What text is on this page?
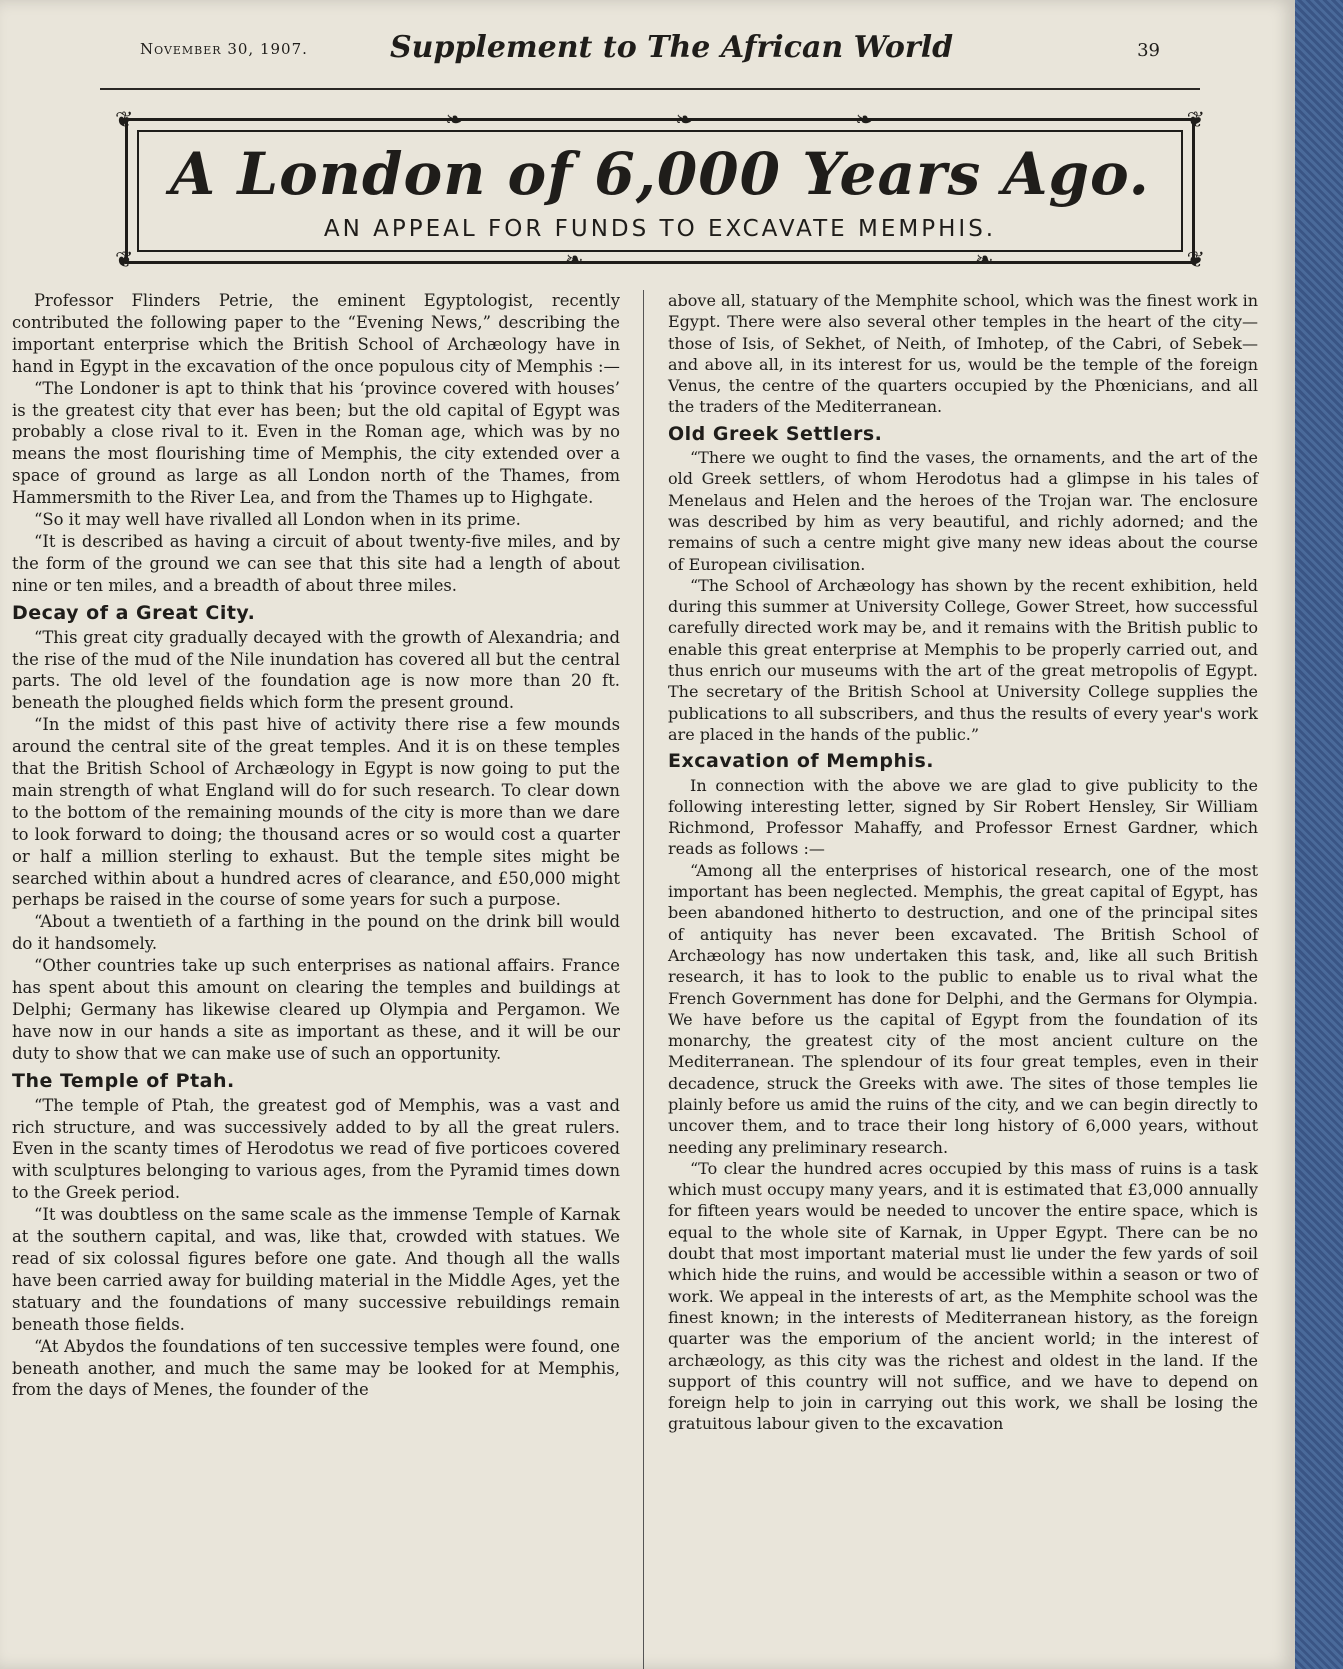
November 30, 1907.	Supplement to The African World	39
❦	❦
❦	❦
❧	❧	❧
❧	❧
A London of 6,000 Years Ago.
AN APPEAL FOR FUNDS TO EXCAVATE MEMPHIS.

Professor Flinders Petrie, the eminent Egyptologist, recently contributed the following paper to the “Evening News,” describing the important enterprise which the British School of Archæology have in hand in Egypt in the excavation of the once populous city of Memphis :—

“The Londoner is apt to think that his ‘province covered with houses’ is the greatest city that ever has been; but the old capital of Egypt was probably a close rival to it. Even in the Roman age, which was by no means the most flourishing time of Memphis, the city extended over a space of ground as large as all London north of the Thames, from Hammersmith to the River Lea, and from the Thames up to Highgate.

“So it may well have rivalled all London when in its prime.

“It is described as having a circuit of about twenty-five miles, and by the form of the ground we can see that this site had a length of about nine or ten miles, and a breadth of about three miles.

Decay of a Great City.

“This great city gradually decayed with the growth of Alexandria; and the rise of the mud of the Nile inundation has covered all but the central parts. The old level of the foundation age is now more than 20 ft. beneath the ploughed fields which form the present ground.

“In the midst of this past hive of activity there rise a few mounds around the central site of the great temples. And it is on these temples that the British School of Archæology in Egypt is now going to put the main strength of what England will do for such research. To clear down to the bottom of the remaining mounds of the city is more than we dare to look forward to doing; the thousand acres or so would cost a quarter or half a million sterling to exhaust. But the temple sites might be searched within about a hundred acres of clearance, and £50,000 might perhaps be raised in the course of some years for such a purpose.

“About a twentieth of a farthing in the pound on the drink bill would do it handsomely.

“Other countries take up such enterprises as national affairs. France has spent about this amount on clearing the temples and buildings at Delphi; Germany has likewise cleared up Olympia and Pergamon. We have now in our hands a site as important as these, and it will be our duty to show that we can make use of such an opportunity.

The Temple of Ptah.

“The temple of Ptah, the greatest god of Memphis, was a vast and rich structure, and was successively added to by all the great rulers. Even in the scanty times of Herodotus we read of five porticoes covered with sculptures belonging to various ages, from the Pyramid times down to the Greek period.

“It was doubtless on the same scale as the immense Temple of Karnak at the southern capital, and was, like that, crowded with statues. We read of six colossal figures before one gate. And though all the walls have been carried away for building material in the Middle Ages, yet the statuary and the foundations of many successive rebuildings remain beneath those fields.

“At Abydos the foundations of ten successive temples were found, one beneath another, and much the same may be looked for at Memphis, from the days of Menes, the founder of the

above all, statuary of the Memphite school, which was the finest work in Egypt. There were also several other temples in the heart of the city—those of Isis, of Sekhet, of Neith, of Imhotep, of the Cabri, of Sebek—and above all, in its interest for us, would be the temple of the foreign Venus, the centre of the quarters occupied by the Phœnicians, and all the traders of the Mediterranean.

Old Greek Settlers.

“There we ought to find the vases, the ornaments, and the art of the old Greek settlers, of whom Herodotus had a glimpse in his tales of Menelaus and Helen and the heroes of the Trojan war. The enclosure was described by him as very beautiful, and richly adorned; and the remains of such a centre might give many new ideas about the course of European civilisation.

“The School of Archæology has shown by the recent exhibition, held during this summer at University College, Gower Street, how successful carefully directed work may be, and it remains with the British public to enable this great enterprise at Memphis to be properly carried out, and thus enrich our museums with the art of the great metropolis of Egypt. The secretary of the British School at University College supplies the publications to all subscribers, and thus the results of every year's work are placed in the hands of the public.”

Excavation of Memphis.

In connection with the above we are glad to give publicity to the following interesting letter, signed by Sir Robert Hensley, Sir William Richmond, Professor Mahaffy, and Professor Ernest Gardner, which reads as follows :—

“Among all the enterprises of historical research, one of the most important has been neglected. Memphis, the great capital of Egypt, has been abandoned hitherto to destruction, and one of the principal sites of antiquity has never been excavated. The British School of Archæology has now undertaken this task, and, like all such British research, it has to look to the public to enable us to rival what the French Government has done for Delphi, and the Germans for Olympia. We have before us the capital of Egypt from the foundation of its monarchy, the greatest city of the most ancient culture on the Mediterranean. The splendour of its four great temples, even in their decadence, struck the Greeks with awe. The sites of those temples lie plainly before us amid the ruins of the city, and we can begin directly to uncover them, and to trace their long history of 6,000 years, without needing any preliminary research.

“To clear the hundred acres occupied by this mass of ruins is a task which must occupy many years, and it is estimated that £3,000 annually for fifteen years would be needed to uncover the entire space, which is equal to the whole site of Karnak, in Upper Egypt. There can be no doubt that most important material must lie under the few yards of soil which hide the ruins, and would be accessible within a season or two of work. We appeal in the interests of art, as the Memphite school was the finest known; in the interests of Mediterranean history, as the foreign quarter was the emporium of the ancient world; in the interest of archæology, as this city was the richest and oldest in the land. If the support of this country will not suffice, and we have to depend on foreign help to join in carrying out this work, we shall be losing the gratuitous labour given to the excavation
